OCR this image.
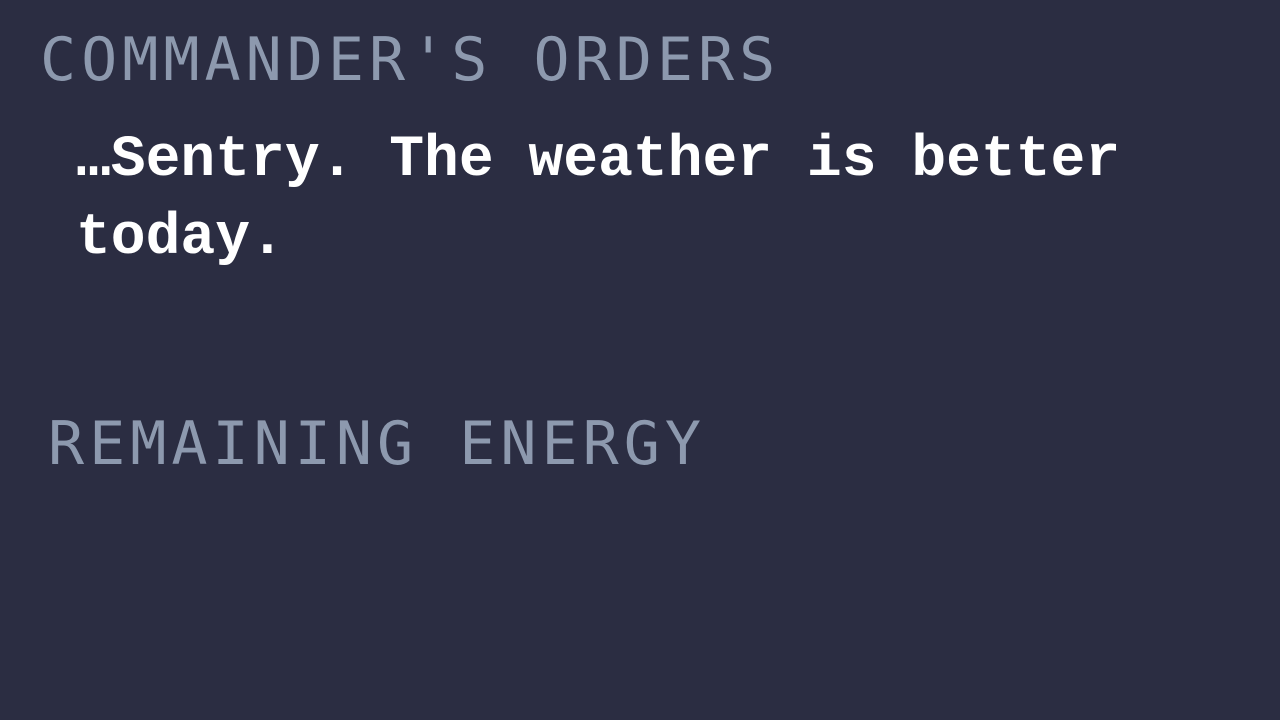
COMMANDER'S ORDERS

…Sentry. The weather is better today.

REMAINING ENERGY
